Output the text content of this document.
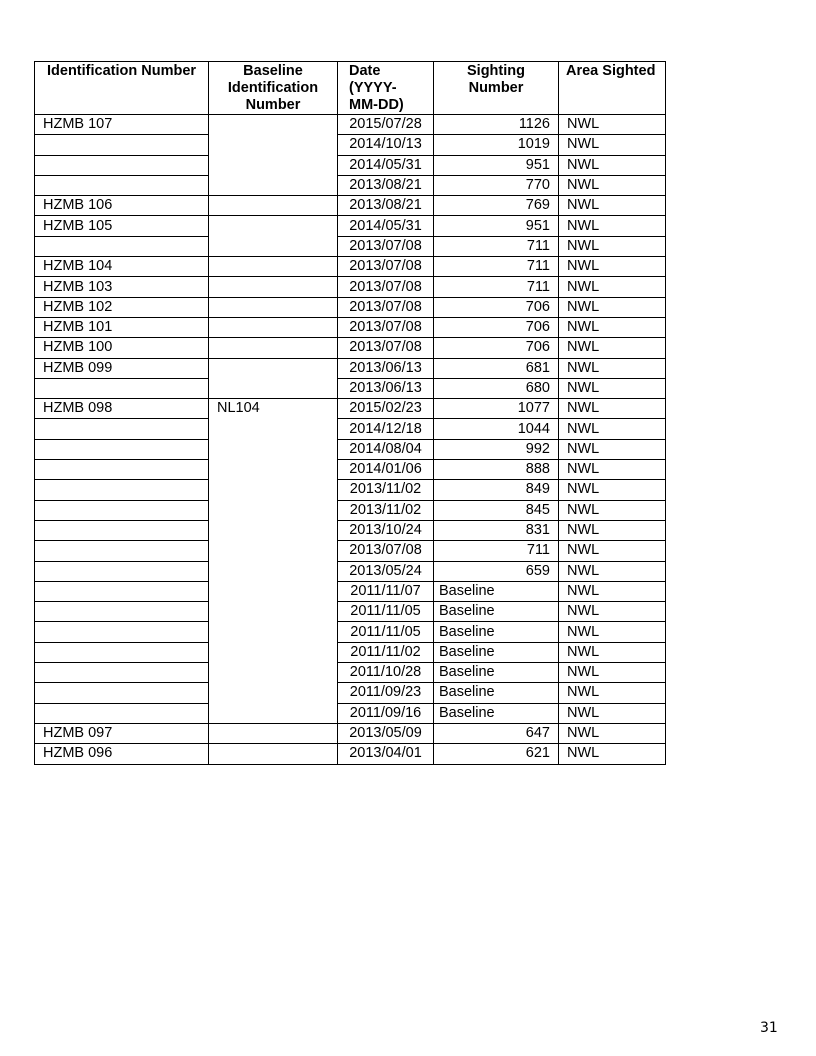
Identification Number	Baseline Identification Number	Date (YYYY-MM-DD)	Sighting Number	Area Sighted
HZMB 107		2015/07/28	1126	NWL
		2014/10/13	1019	NWL
		2014/05/31	951	NWL
		2013/08/21	770	NWL
HZMB 106		2013/08/21	769	NWL
HZMB 105		2014/05/31	951	NWL
		2013/07/08	711	NWL
HZMB 104		2013/07/08	711	NWL
HZMB 103		2013/07/08	711	NWL
HZMB 102		2013/07/08	706	NWL
HZMB 101		2013/07/08	706	NWL
HZMB 100		2013/07/08	706	NWL
HZMB 099		2013/06/13	681	NWL
		2013/06/13	680	NWL
HZMB 098	NL104	2015/02/23	1077	NWL
		2014/12/18	1044	NWL
		2014/08/04	992	NWL
		2014/01/06	888	NWL
		2013/11/02	849	NWL
		2013/11/02	845	NWL
		2013/10/24	831	NWL
		2013/07/08	711	NWL
		2013/05/24	659	NWL
		2011/11/07	Baseline	NWL
		2011/11/05	Baseline	NWL
		2011/11/05	Baseline	NWL
		2011/11/02	Baseline	NWL
		2011/10/28	Baseline	NWL
		2011/09/23	Baseline	NWL
		2011/09/16	Baseline	NWL
HZMB 097		2013/05/09	647	NWL
HZMB 096		2013/04/01	621	NWL
31
